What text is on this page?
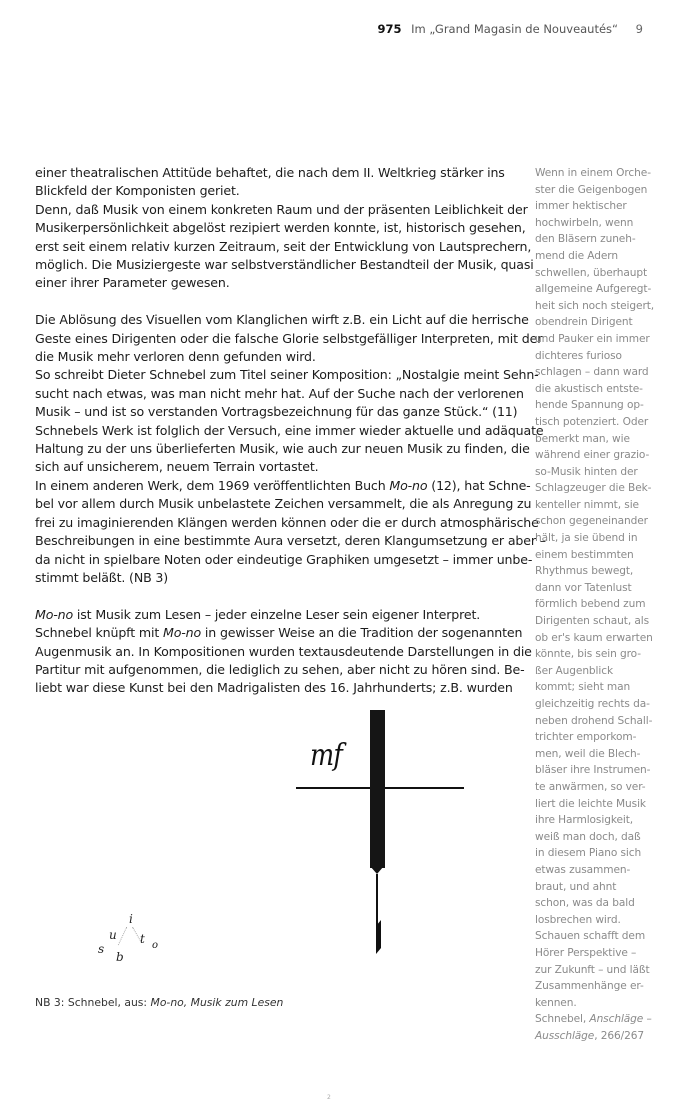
975 Im „Grand Magasin de Nouveautés“ 9
einer theatralischen Attitüde behaftet, die nach dem II. Weltkrieg stärker ins
Blickfeld der Komponisten geriet.
Denn, daß Musik von einem konkreten Raum und der präsenten Leiblichkeit der
Musikerpersönlichkeit abgelöst rezipiert werden konnte, ist, historisch gesehen,
erst seit einem relativ kurzen Zeitraum, seit der Entwicklung von Lautsprechern,
möglich. Die Musiziergeste war selbstverständlicher Bestandteil der Musik, quasi
einer ihrer Parameter gewesen.
Die Ablösung des Visuellen vom Klanglichen wirft z.B. ein Licht auf die herrische
Geste eines Dirigenten oder die falsche Glorie selbstgefälliger Interpreten, mit der
die Musik mehr verloren denn gefunden wird.
So schreibt Dieter Schnebel zum Titel seiner Komposition: „Nostalgie meint Sehn-
sucht nach etwas, was man nicht mehr hat. Auf der Suche nach der verlorenen
Musik – und ist so verstanden Vortragsbezeichnung für das ganze Stück.“ (11)
Schnebels Werk ist folglich der Versuch, eine immer wieder aktuelle und adäquate
Haltung zu der uns überlieferten Musik, wie auch zur neuen Musik zu finden, die
sich auf unsicherem, neuem Terrain vortastet.
In einem anderen Werk, dem 1969 veröffentlichten Buch Mo-no (12), hat Schne-
bel vor allem durch Musik unbelastete Zeichen versammelt, die als Anregung zu
frei zu imaginierenden Klängen werden können oder die er durch atmosphärische
Beschreibungen in eine bestimmte Aura versetzt, deren Klangumsetzung er aber –
da nicht in spielbare Noten oder eindeutige Graphiken umgesetzt – immer unbe-
stimmt beläßt. (NB 3)
Mo-no ist Musik zum Lesen – jeder einzelne Leser sein eigener Interpret.
Schnebel knüpft mit Mo-no in gewisser Weise an die Tradition der sogenannten
Augenmusik an. In Kompositionen wurden textausdeutende Darstellungen in die
Partitur mit aufgenommen, die lediglich zu sehen, aber nicht zu hören sind. Be-
liebt war diese Kunst bei den Madrigalisten des 16. Jahrhunderts; z.B. wurden
Wenn in einem Orche-
ster die Geigenbogen
immer hektischer
hochwirbeln, wenn
den Bläsern zuneh-
mend die Adern
schwellen, überhaupt
allgemeine Aufgeregt-
heit sich noch steigert,
obendrein Dirigent
und Pauker ein immer
dichteres furioso
schlagen – dann ward
die akustisch entste-
hende Spannung op-
tisch potenziert. Oder
bemerkt man, wie
während einer grazio-
so-Musik hinten der
Schlagzeuger die Bek-
kenteller nimmt, sie
schon gegeneinander
hält, ja sie übend in
einem bestimmten
Rhythmus bewegt,
dann vor Tatenlust
förmlich bebend zum
Dirigenten schaut, als
ob er's kaum erwarten
könnte, bis sein gro-
ßer Augenblick
kommt; sieht man
gleichzeitig rechts da-
neben drohend Schall-
trichter emporkom-
men, weil die Blech-
bläser ihre Instrumen-
te anwärmen, so ver-
liert die leichte Musik
ihre Harmlosigkeit,
weiß man doch, daß
in diesem Piano sich
etwas zusammen-
braut, und ahnt
schon, was da bald
losbrechen wird.
Schauen schafft dem
Hörer Perspektive –
zur Zukunft – und läßt
Zusammenhänge er-
kennen.
Schnebel, Anschläge –
Ausschläge, 266/267
mf
s
u
b
i
t o
NB 3: Schnebel, aus: Mo-no, Musik zum Lesen
2
